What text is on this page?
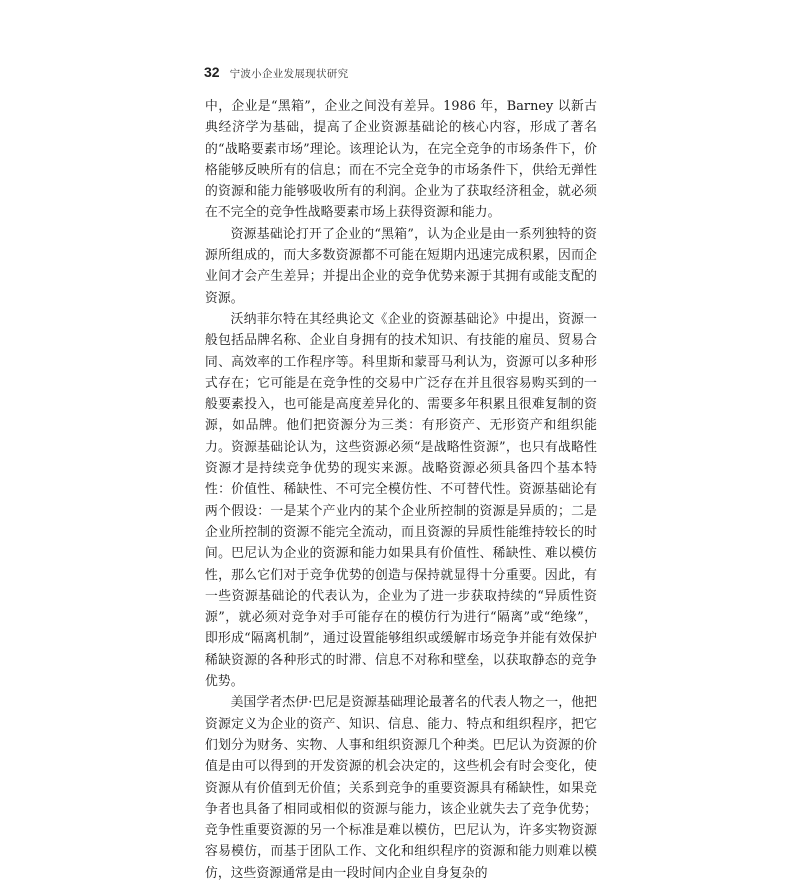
32 宁波小企业发展现状研究

中，企业是“黑箱”，企业之间没有差异。1986 年，Barney 以新古典经济学为基础，提高了企业资源基础论的核心内容，形成了著名的“战略要素市场”理论。该理论认为，在完全竞争的市场条件下，价格能够反映所有的信息；而在不完全竞争的市场条件下，供给无弹性的资源和能力能够吸收所有的利润。企业为了获取经济租金，就必须在不完全的竞争性战略要素市场上获得资源和能力。

资源基础论打开了企业的“黑箱”，认为企业是由一系列独特的资源所组成的，而大多数资源都不可能在短期内迅速完成积累，因而企业间才会产生差异；并提出企业的竞争优势来源于其拥有或能支配的资源。

沃纳菲尔特在其经典论文《企业的资源基础论》中提出，资源一般包括品牌名称、企业自身拥有的技术知识、有技能的雇员、贸易合同、高效率的工作程序等。科里斯和蒙哥马利认为，资源可以多种形式存在；它可能是在竞争性的交易中广泛存在并且很容易购买到的一般要素投入，也可能是高度差异化的、需要多年积累且很难复制的资源，如品牌。他们把资源分为三类：有形资产、无形资产和组织能力。资源基础论认为，这些资源必须“是战略性资源”，也只有战略性资源才是持续竞争优势的现实来源。战略资源必须具备四个基本特性：价值性、稀缺性、不可完全模仿性、不可替代性。资源基础论有两个假设：一是某个产业内的某个企业所控制的资源是异质的；二是企业所控制的资源不能完全流动，而且资源的异质性能维持较长的时间。巴尼认为企业的资源和能力如果具有价值性、稀缺性、难以模仿性，那么它们对于竞争优势的创造与保持就显得十分重要。因此，有一些资源基础论的代表认为，企业为了进一步获取持续的“异质性资源”，就必须对竞争对手可能存在的模仿行为进行“隔离”或“绝缘”，即形成“隔离机制”，通过设置能够组织或缓解市场竞争并能有效保护稀缺资源的各种形式的时滞、信息不对称和壁垒，以获取静态的竞争优势。

美国学者杰伊·巴尼是资源基础理论最著名的代表人物之一，他把资源定义为企业的资产、知识、信息、能力、特点和组织程序，把它们划分为财务、实物、人事和组织资源几个种类。巴尼认为资源的价值是由可以得到的开发资源的机会决定的，这些机会有时会变化，使资源从有价值到无价值；关系到竞争的重要资源具有稀缺性，如果竞争者也具备了相同或相似的资源与能力，该企业就失去了竞争优势；竞争性重要资源的另一个标准是难以模仿，巴尼认为，许多实物资源容易模仿，而基于团队工作、文化和组织程序的资源和能力则难以模仿，这些资源通常是由一段时间内企业自身复杂的
